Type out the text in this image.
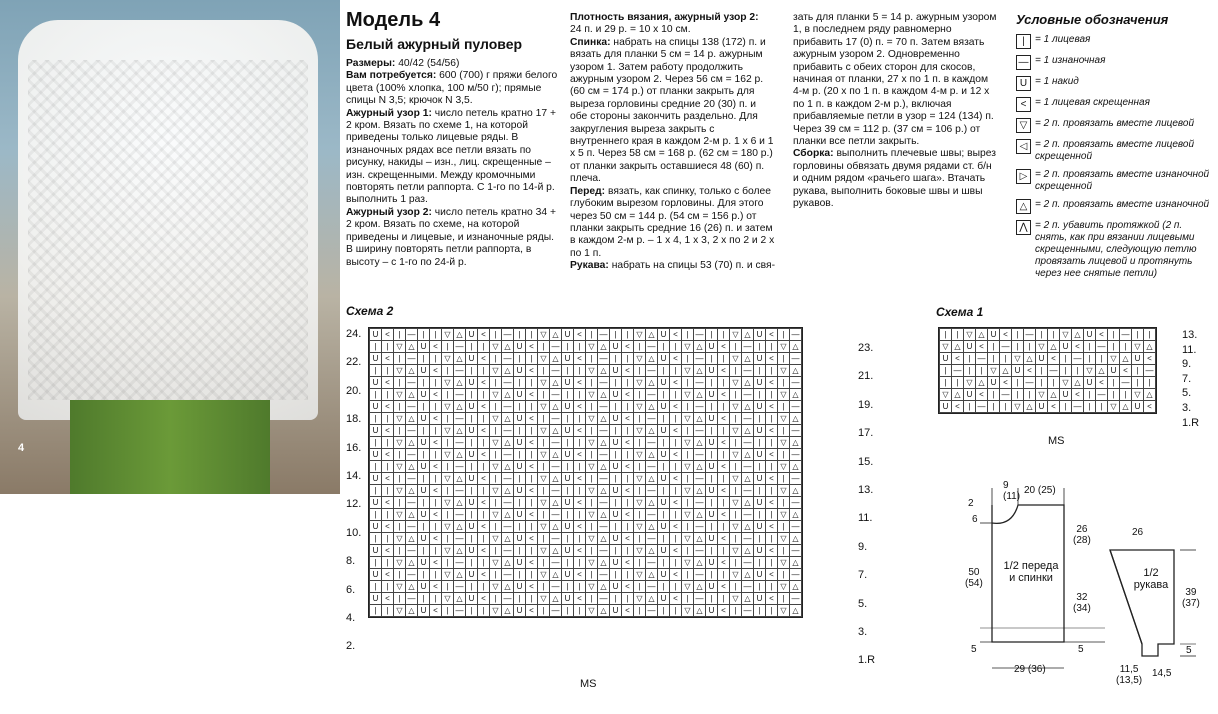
4
Модель 4
Белый ажурный пуловер
Размеры: 40/42 (54/56)
Вам потребуется: 600 (700) г пряжи белого цвета (100% хлопка, 100 м/50 г); прямые спицы N 3,5; крючок N 3,5.
Ажурный узор 1: число петель кратно 17 + 2 кром. Вязать по схеме 1, на которой приведены только лицевые ряды. В изнаночных рядах все петли вязать по рисунку, накиды – изн., лиц. скрещенные – изн. скрещенными. Между кромочными повторять петли раппорта. С 1-го по 14-й р. выполнить 1 раз.
Ажурный узор 2: число петель кратно 34 + 2 кром. Вязать по схеме, на которой приведены и лицевые, и изнаночные ряды. В ширину повторять петли раппорта, в высоту – с 1-го по 24-й р.
Плотность вязания, ажурный узор 2:
24 п. и 29 р. = 10 х 10 см.
Спинка: набрать на спицы 138 (172) п. и вязать для планки 5 см = 14 р. ажурным узором 1. Затем работу продолжить ажурным узором 2. Через 56 см = 162 р. (60 см = 174 р.) от планки закрыть для выреза горловины средние 20 (30) п. и обе стороны закончить раздельно. Для закругления выреза закрыть с внутреннего края в каждом 2-м р. 1 х 6 и 1 х 5 п. Через 58 см = 168 р. (62 см = 180 р.) от планки закрыть оставшиеся 48 (60) п. плеча.
Перед: вязать, как спинку, только с более глубоким вырезом горловины. Для этого через 50 см = 144 р. (54 см = 156 р.) от планки закрыть средние 16 (26) п. и затем в каждом 2-м р. – 1 х 4, 1 х 3, 2 х по 2 и 2 х по 1 п.
Рукава: набрать на спицы 53 (70) п. и свя-
зать для планки 5 = 14 р. ажурным узором 1, в последнем ряду равномерно прибавить 17 (0) п. = 70 п. Затем вязать ажурным узором 2. Одновременно прибавить с обеих сторон для скосов, начиная от планки, 27 х по 1 п. в каждом 4-м р. (20 х по 1 п. в каждом 4-м р. и 12 х по 1 п. в каждом 2-м р.), включая прибавляемые петли в узор = 124 (134) п. Через 39 см = 112 р. (37 см = 106 р.) от планки все петли закрыть.
Сборка: выполнить плечевые швы; вырез горловины обвязать двумя рядами ст. б/н и одним рядом «рачьего шага». Втачать рукава, выполнить боковые швы и швы рукавов.
Условные обозначения
|	= 1 лицевая
— = 1 изнаночная
U = 1 накид
< = 1 лицевая скрещенная
▽ = 2 п. провязать вместе лицевой
◁ = 2 п. провязать вместе лицевой скрещенной
▷ = 2 п. провязать вместе изнаночной скрещенной
△ = 2 п. провязать вместе изнаночной
⋀ = 2 п. убавить протяжкой (2 п. снять, как при вязании лицевыми скрещенными, следующую петлю провязать лицевой и протянуть через нее снятые петли)
Схема 2
U	<	|	—	|	|	▽	△	U	<	|	—	|	|	▽	△	U	<	|	—	|	|	▽	△	U	<	|	—	|	|	▽	△	U	<	|	—
|	|	▽	△	U	<	|	—	|	|	▽	△	U	<	|	—	|	|	▽	△	U	<	|	—	|	|	▽	△	U	<	|	—	|	|	▽	△
U	<	|	—	|	|	▽	△	U	<	|	—	|	|	▽	△	U	<	|	—	|	|	▽	△	U	<	|	—	|	|	▽	△	U	<	|	—
|	|	▽	△	U	<	|	—	|	|	▽	△	U	<	|	—	|	|	▽	△	U	<	|	—	|	|	▽	△	U	<	|	—	|	|	▽	△
U	<	|	—	|	|	▽	△	U	<	|	—	|	|	▽	△	U	<	|	—	|	|	▽	△	U	<	|	—	|	|	▽	△	U	<	|	—
|	|	▽	△	U	<	|	—	|	|	▽	△	U	<	|	—	|	|	▽	△	U	<	|	—	|	|	▽	△	U	<	|	—	|	|	▽	△
U	<	|	—	|	|	▽	△	U	<	|	—	|	|	▽	△	U	<	|	—	|	|	▽	△	U	<	|	—	|	|	▽	△	U	<	|	—
|	|	▽	△	U	<	|	—	|	|	▽	△	U	<	|	—	|	|	▽	△	U	<	|	—	|	|	▽	△	U	<	|	—	|	|	▽	△
U	<	|	—	|	|	▽	△	U	<	|	—	|	|	▽	△	U	<	|	—	|	|	▽	△	U	<	|	—	|	|	▽	△	U	<	|	—
|	|	▽	△	U	<	|	—	|	|	▽	△	U	<	|	—	|	|	▽	△	U	<	|	—	|	|	▽	△	U	<	|	—	|	|	▽	△
U	<	|	—	|	|	▽	△	U	<	|	—	|	|	▽	△	U	<	|	—	|	|	▽	△	U	<	|	—	|	|	▽	△	U	<	|	—
|	|	▽	△	U	<	|	—	|	|	▽	△	U	<	|	—	|	|	▽	△	U	<	|	—	|	|	▽	△	U	<	|	—	|	|	▽	△
U	<	|	—	|	|	▽	△	U	<	|	—	|	|	▽	△	U	<	|	—	|	|	▽	△	U	<	|	—	|	|	▽	△	U	<	|	—
|	|	▽	△	U	<	|	—	|	|	▽	△	U	<	|	—	|	|	▽	△	U	<	|	—	|	|	▽	△	U	<	|	—	|	|	▽	△
U	<	|	—	|	|	▽	△	U	<	|	—	|	|	▽	△	U	<	|	—	|	|	▽	△	U	<	|	—	|	|	▽	△	U	<	|	—
|	|	▽	△	U	<	|	—	|	|	▽	△	U	<	|	—	|	|	▽	△	U	<	|	—	|	|	▽	△	U	<	|	—	|	|	▽	△
U	<	|	—	|	|	▽	△	U	<	|	—	|	|	▽	△	U	<	|	—	|	|	▽	△	U	<	|	—	|	|	▽	△	U	<	|	—
|	|	▽	△	U	<	|	—	|	|	▽	△	U	<	|	—	|	|	▽	△	U	<	|	—	|	|	▽	△	U	<	|	—	|	|	▽	△
U	<	|	—	|	|	▽	△	U	<	|	—	|	|	▽	△	U	<	|	—	|	|	▽	△	U	<	|	—	|	|	▽	△	U	<	|	—
|	|	▽	△	U	<	|	—	|	|	▽	△	U	<	|	—	|	|	▽	△	U	<	|	—	|	|	▽	△	U	<	|	—	|	|	▽	△
U	<	|	—	|	|	▽	△	U	<	|	—	|	|	▽	△	U	<	|	—	|	|	▽	△	U	<	|	—	|	|	▽	△	U	<	|	—
|	|	▽	△	U	<	|	—	|	|	▽	△	U	<	|	—	|	|	▽	△	U	<	|	—	|	|	▽	△	U	<	|	—	|	|	▽	△
U	<	|	—	|	|	▽	△	U	<	|	—	|	|	▽	△	U	<	|	—	|	|	▽	△	U	<	|	—	|	|	▽	△	U	<	|	—
|	|	▽	△	U	<	|	—	|	|	▽	△	U	<	|	—	|	|	▽	△	U	<	|	—	|	|	▽	△	U	<	|	—	|	|	▽	△
24.
22.
20.
18.
16.
14.
12.
10.
8.
6.
4.
2.
23.
21.
19.
17.
15.
13.
11.
9.
7.
5.
3.
1.R
MS
Схема 1
|	|	▽	△	U	<	|	—	|	|	▽	△	U	<	|	—	|	|
▽	△	U	<	|	—	|	|	▽	△	U	<	|	—	|	|	▽	△
U	<	|	—	|	|	▽	△	U	<	|	—	|	|	▽	△	U	<
|	—	|	|	▽	△	U	<	|	—	|	|	▽	△	U	<	|	—
|	|	▽	△	U	<	|	—	|	|	▽	△	U	<	|	—	|	|
▽	△	U	<	|	—	|	|	▽	△	U	<	|	—	|	|	▽	△
U	<	|	—	|	|	▽	△	U	<	|	—	|	|	▽	△	U	<
13.
11.
9.
7.
5.
3.
1.R
MS
9
(11)
20 (25)
2
6
50
(54)
1/2 переда и спинки
26
(28)
32
(34)
5	5
29 (36)
26
1/2 рукава
39
(37)
5
11,5
(13,5)
14,5
